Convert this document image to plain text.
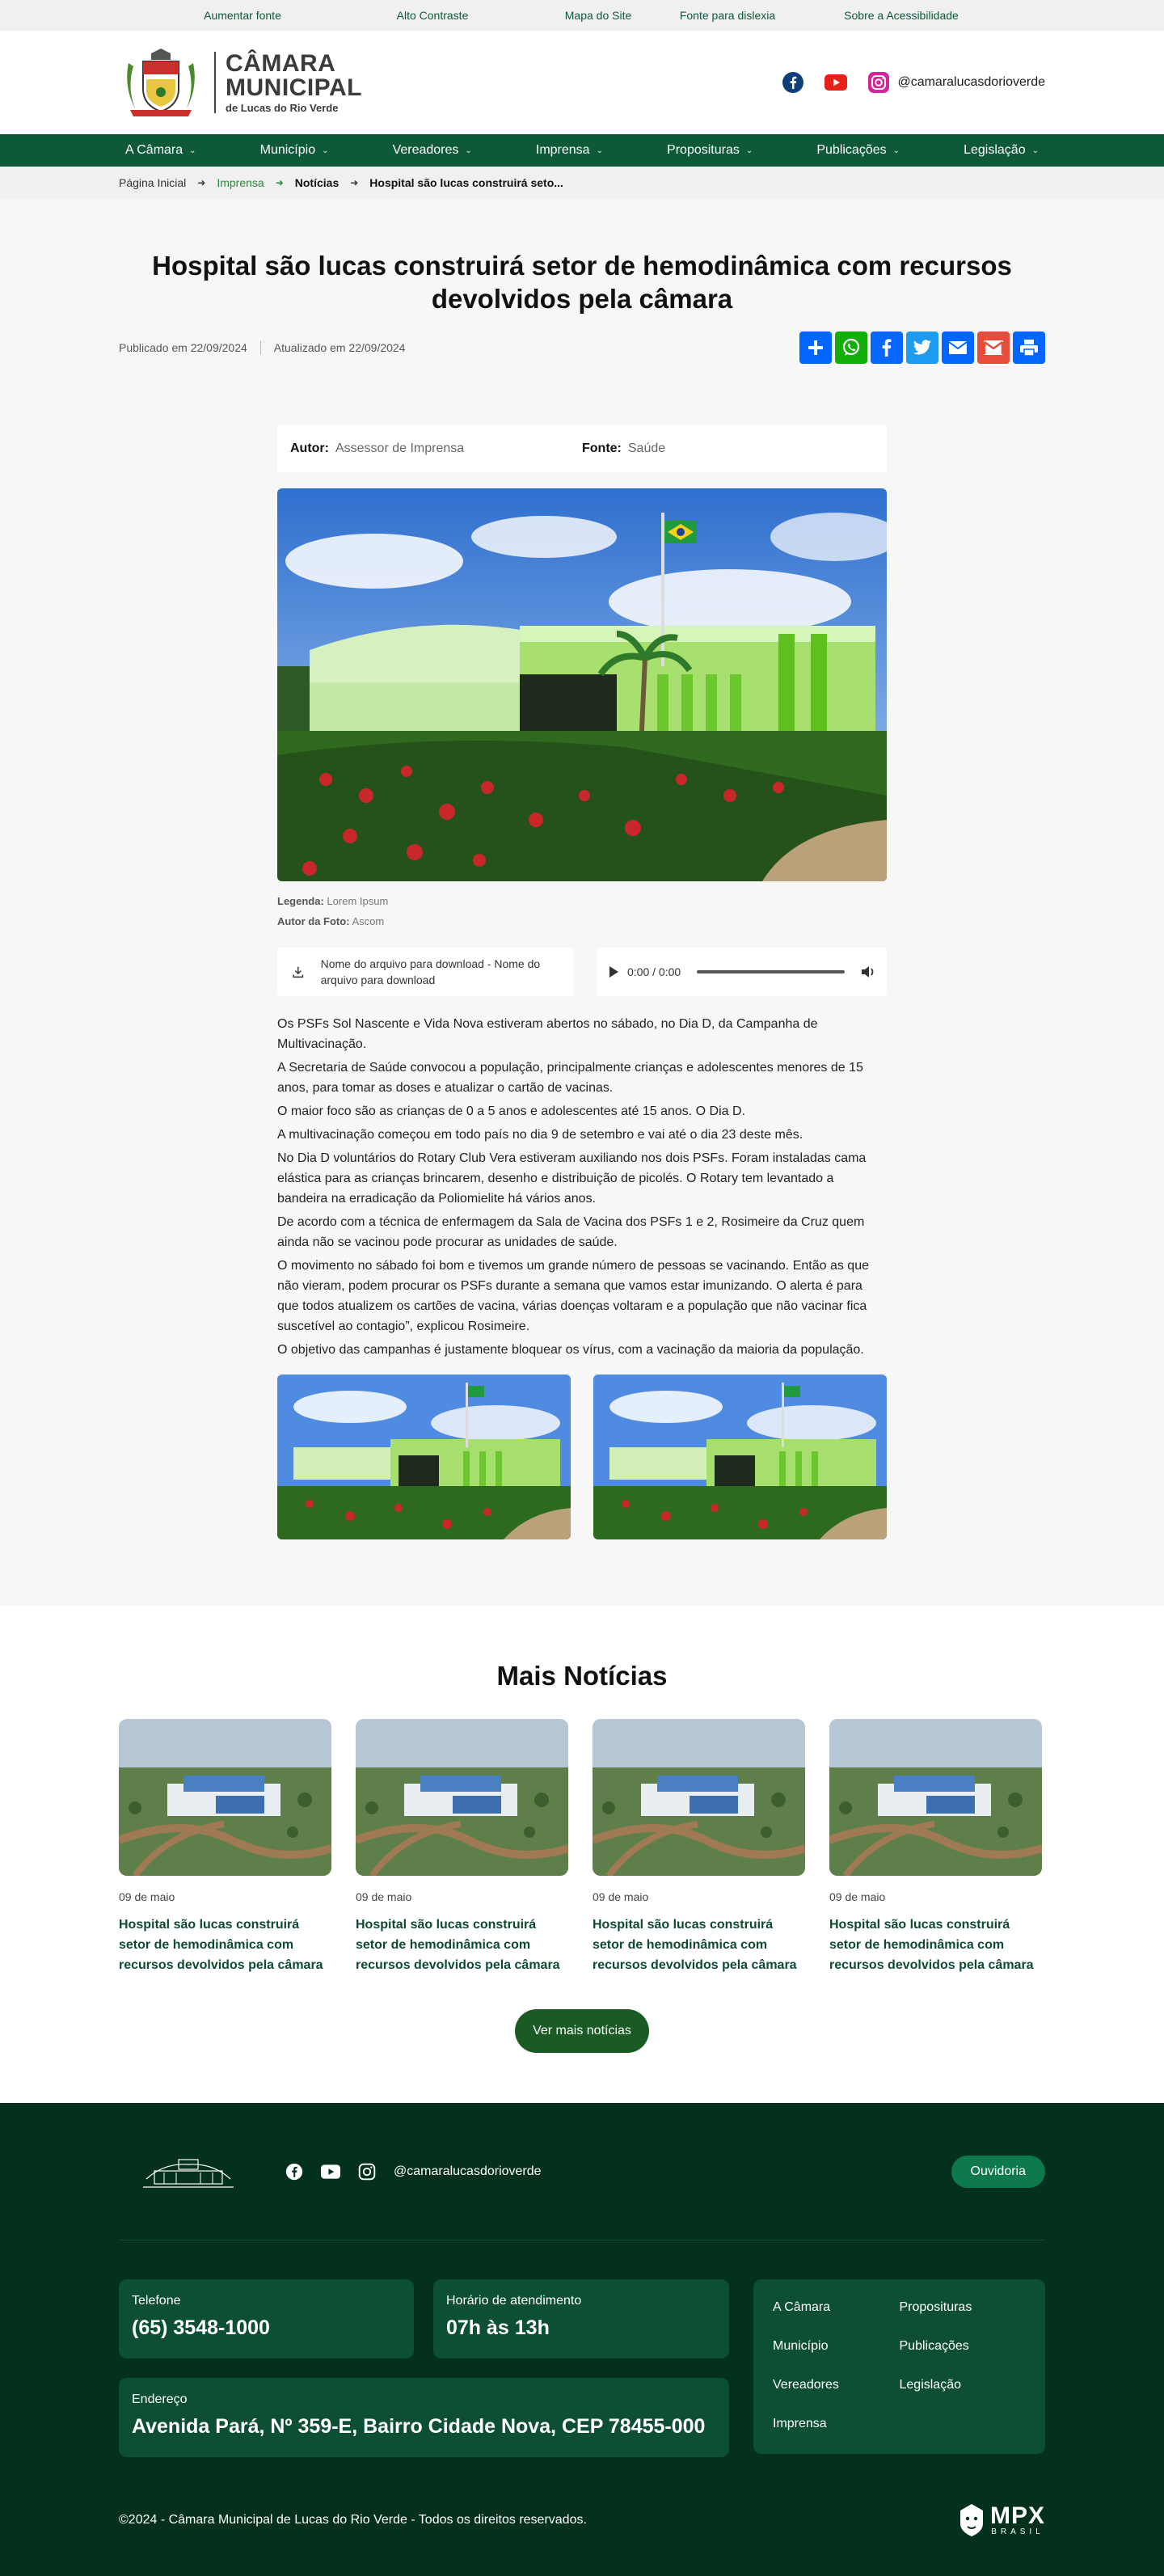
Aumentar fonte	Alto Contraste	Mapa do Site	Fonte para dislexia	Sobre a Acessibilidade
CÂMARA
MUNICIPAL
de Lucas do Rio Verde
@camaralucasdorioverde
A Câmara ⌄	Município ⌄	Vereadores ⌄	Imprensa ⌄	Proposituras ⌄	Publicações ⌄	Legislação ⌄
Página Inicial ➜ Imprensa ➜ Notícias ➜ Hospital são lucas construirá seto...
Hospital são lucas construirá setor de hemodinâmica com recursos devolvidos pela câmara
Publicado em 22/09/2024 Atualizado em 22/09/2024
Autor: Assessor de Imprensa	Fonte: Saúde
Legenda: Lorem Ipsum
Autor da Foto: Ascom
Nome do arquivo para download - Nome do arquivo para download
0:00 / 0:00

Os PSFs Sol Nascente e Vida Nova estiveram abertos no sábado, no Dia D, da Campanha de Multivacinação.

A Secretaria de Saúde convocou a população, principalmente crianças e adolescentes menores de 15 anos, para tomar as doses e atualizar o cartão de vacinas.

O maior foco são as crianças de 0 a 5 anos e adolescentes até 15 anos. O Dia D.

A multivacinação começou em todo país no dia 9 de setembro e vai até o dia 23 deste mês.

No Dia D voluntários do Rotary Club Vera estiveram auxiliando nos dois PSFs. Foram instaladas cama elástica para as crianças brincarem, desenho e distribuição de picolés. O Rotary tem levantado a bandeira na erradicação da Poliomielite há vários anos.

De acordo com a técnica de enfermagem da Sala de Vacina dos PSFs 1 e 2, Rosimeire da Cruz quem ainda não se vacinou pode procurar as unidades de saúde.

O movimento no sábado foi bom e tivemos um grande número de pessoas se vacinando. Então as que não vieram, podem procurar os PSFs durante a semana que vamos estar imunizando. O alerta é para que todos atualizem os cartões de vacina, várias doenças voltaram e a população que não vacinar fica suscetível ao contagio”, explicou Rosimeire.

O objetivo das campanhas é justamente bloquear os vírus, com a vacinação da maioria da população.

Mais Notícias
09 de maio
Hospital são lucas construirá setor de hemodinâmica com recursos devolvidos pela câmara
09 de maio
Hospital são lucas construirá setor de hemodinâmica com recursos devolvidos pela câmara
09 de maio
Hospital são lucas construirá setor de hemodinâmica com recursos devolvidos pela câmara
09 de maio
Hospital são lucas construirá setor de hemodinâmica com recursos devolvidos pela câmara
Ver mais notícias
@camaralucasdorioverde	Ouvidoria
Telefone
(65) 3548-1000
Horário de atendimento
07h às 13h
Endereço
Avenida Pará, Nº 359-E, Bairro Cidade Nova, CEP 78455-000
A Câmara	Proposituras
Município	Publicações
Vereadores	Legislação
Imprensa
©2024 - Câmara Municipal de Lucas do Rio Verde - Todos os direitos reservados.	MPX
BRASIL
